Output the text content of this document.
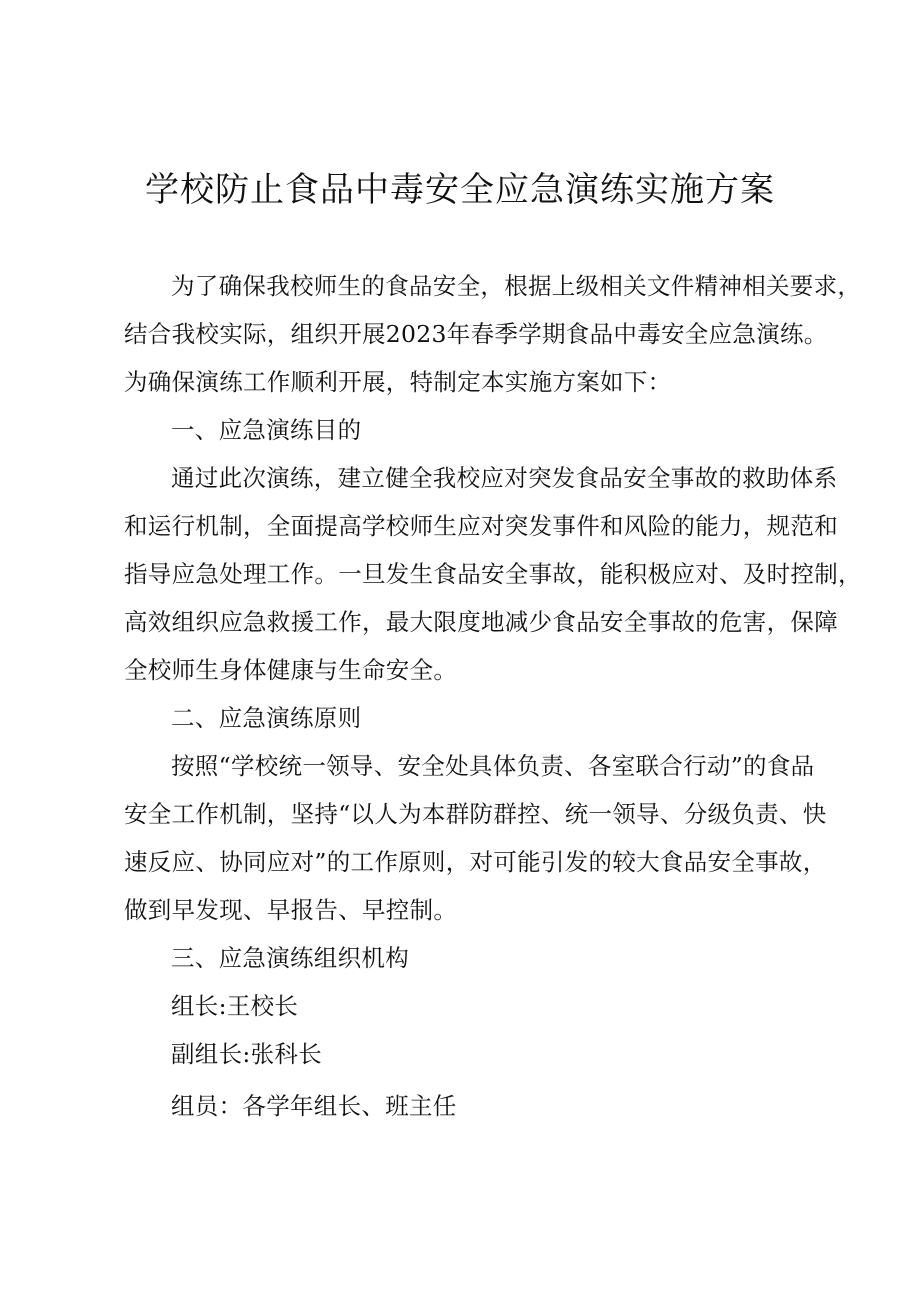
学校防止食品中毒安全应急演练实施方案

为了确保我校师生的食品安全，根据上级相关文件精神相关要求，

结合我校实际，组织开展2023年春季学期食品中毒安全应急演练。

为确保演练工作顺利开展，特制定本实施方案如下：

一、应急演练目的

通过此次演练，建立健全我校应对突发食品安全事故的救助体系

和运行机制，全面提高学校师生应对突发事件和风险的能力，规范和

指导应急处理工作。一旦发生食品安全事故，能积极应对、及时控制，

高效组织应急救援工作，最大限度地减少食品安全事故的危害，保障

全校师生身体健康与生命安全。

二、应急演练原则

按照“学校统一领导、安全处具体负责、各室联合行动”的食品

安全工作机制，坚持“以人为本群防群控、统一领导、分级负责、快

速反应、协同应对”的工作原则，对可能引发的较大食品安全事故，

做到早发现、早报告、早控制。

三、应急演练组织机构

组长:王校长

副组长:张科长

组员：各学年组长、班主任
